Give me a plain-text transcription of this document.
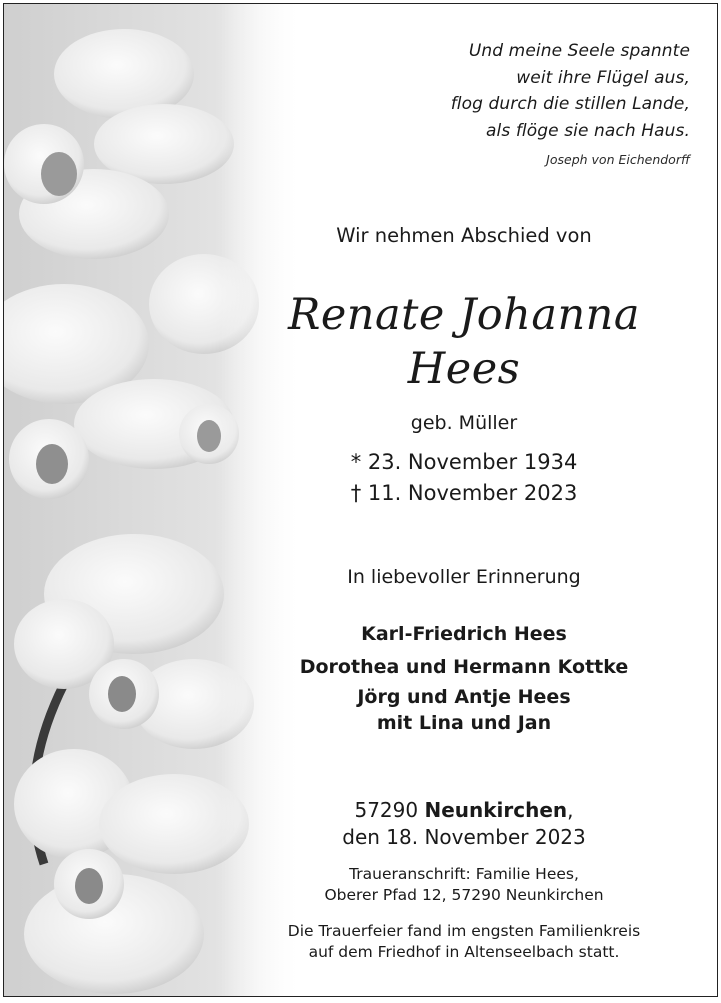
Und meine Seele spannte
weit ihre Flügel aus,
flog durch die stillen Lande,
als flöge sie nach Haus.
Joseph von Eichendorff
Wir nehmen Abschied von
Renate Johanna
Hees
geb. Müller
* 23. November 1934
† 11. November 2023
In liebevoller Erinnerung
Karl-Friedrich Hees
Dorothea und Hermann Kottke
Jörg und Antje Hees
mit Lina und Jan
57290 Neunkirchen,
den 18. November 2023
Traueranschrift: Familie Hees,
Oberer Pfad 12, 57290 Neunkirchen
Die Trauerfeier fand im engsten Familienkreis
auf dem Friedhof in Altenseelbach statt.
